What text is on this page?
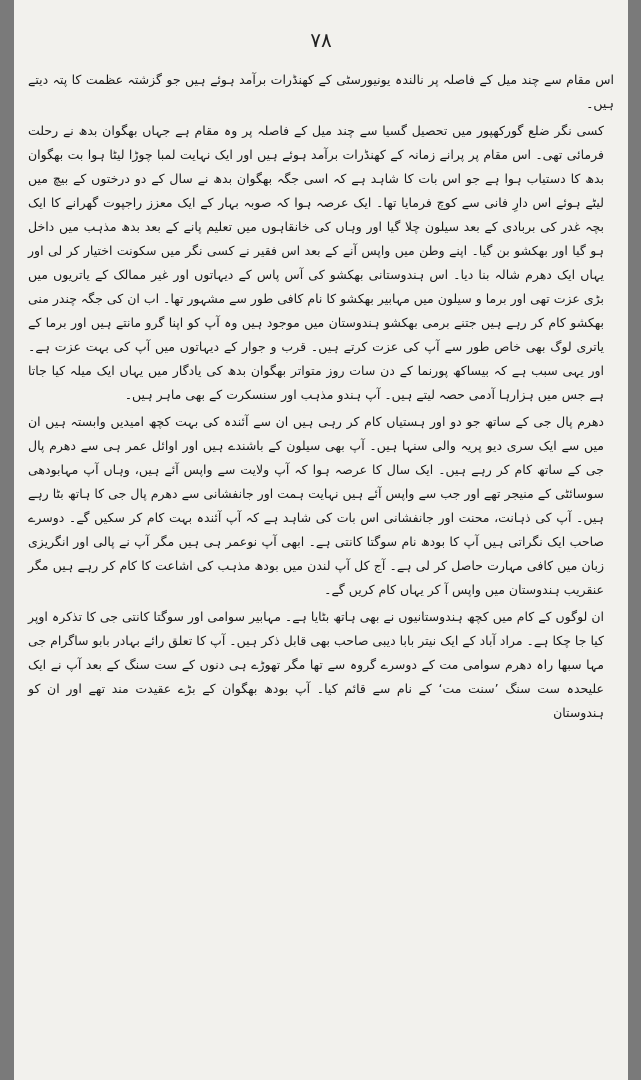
۷۸

اس مقام سے چند میل کے فاصلہ پر نالندہ یونیورسٹی کے کھنڈرات برآمد ہوئے ہیں جو گزشتہ عظمت کا پتہ دیتے ہیں۔

کسی نگر ضلع گورکھپور میں تحصیل گسیا سے چند میل کے فاصلہ پر وہ مقام ہے جہاں بھگوان بدھ نے رحلت فرمائی تھی۔ اس مقام پر پرانے زمانہ کے کھنڈرات برآمد ہوئے ہیں اور ایک نہایت لمبا چوڑا لیٹا ہوا بت بھگوان بدھ کا دستیاب ہوا ہے جو اس بات کا شاہد ہے کہ اسی جگہ بھگوان بدھ نے سال کے دو درختوں کے بیچ میں لیٹے ہوئے اس دارِ فانی سے کوچ فرمایا تھا۔ ایک عرصہ ہوا کہ صوبہ بہار کے ایک معزز راجپوت گھرانے کا ایک بچہ غدر کی بربادی کے بعد سیلون چلا گیا اور وہاں کی خانقاہوں میں تعلیم پانے کے بعد بدھ مذہب میں داخل ہو گیا اور بھکشو بن گیا۔ اپنے وطن میں واپس آنے کے بعد اس فقیر نے کسی نگر میں سکونت اختیار کر لی اور یہاں ایک دھرم شالہ بنا دیا۔ اس ہندوستانی بھکشو کی آس پاس کے دیہاتوں اور غیر ممالک کے یاتریوں میں بڑی عزت تھی اور برما و سیلون میں مہابیر بھکشو کا نام کافی طور سے مشہور تھا۔ اب ان کی جگہ چندر منی بھکشو کام کر رہے ہیں جتنے برمی بھکشو ہندوستان میں موجود ہیں وہ آپ کو اپنا گرو مانتے ہیں اور برما کے یاتری لوگ بھی خاص طور سے آپ کی عزت کرتے ہیں۔ قرب و جوار کے دیہاتوں میں آپ کی بہت عزت ہے۔ اور یہی سبب ہے کہ بیساکھ پورنما کے دن سات روز متواتر بھگوان بدھ کی یادگار میں یہاں ایک میلہ کیا جاتا ہے جس میں ہزارہا آدمی حصہ لیتے ہیں۔ آپ ہندو مذہب اور سنسکرت کے بھی ماہر ہیں۔

دھرم پال جی کے ساتھ جو دو اور ہستیاں کام کر رہی ہیں ان سے آئندہ کی بہت کچھ امیدیں وابستہ ہیں ان میں سے ایک سری دیو پریہ والی سنہا ہیں۔ آپ بھی سیلون کے باشندے ہیں اور اوائل عمر ہی سے دھرم پال جی کے ساتھ کام کر رہے ہیں۔ ایک سال کا عرصہ ہوا کہ آپ ولایت سے واپس آئے ہیں، وہاں آپ مہابودھی سوسائٹی کے منیجر تھے اور جب سے واپس آئے ہیں نہایت ہمت اور جانفشانی سے دھرم پال جی کا ہاتھ بٹا رہے ہیں۔ آپ کی ذہانت، محنت اور جانفشانی اس بات کی شاہد ہے کہ آپ آئندہ بہت کام کر سکیں گے۔ دوسرے صاحب ایک نگراتی ہیں آپ کا بودھ نام سوگتا کانتی ہے۔ ابھی آپ نوعمر ہی ہیں مگر آپ نے پالی اور انگریزی زبان میں کافی مہارت حاصل کر لی ہے۔ آج کل آپ لندن میں بودھ مذہب کی اشاعت کا کام کر رہے ہیں مگر عنقریب ہندوستان میں واپس آ کر یہاں کام کریں گے۔

ان لوگوں کے کام میں کچھ ہندوستانیوں نے بھی ہاتھ بٹایا ہے۔ مہابیر سوامی اور سوگتا کانتی جی کا تذکرہ اوپر کیا جا چکا ہے۔ مراد آباد کے ایک نیتر بابا دیبی صاحب بھی قابل ذکر ہیں۔ آپ کا تعلق رائے بہادر بابو ساگرام جی مہا سبھا راہ دھرم سوامی مت کے دوسرے گروہ سے تھا مگر تھوڑے ہی دنوں کے ست سنگ کے بعد آپ نے ایک علیحدہ ست سنگ ’سنت مت‘ کے نام سے قائم کیا۔ آپ بودھ بھگوان کے بڑے عقیدت مند تھے اور ان کو ہندوستان
